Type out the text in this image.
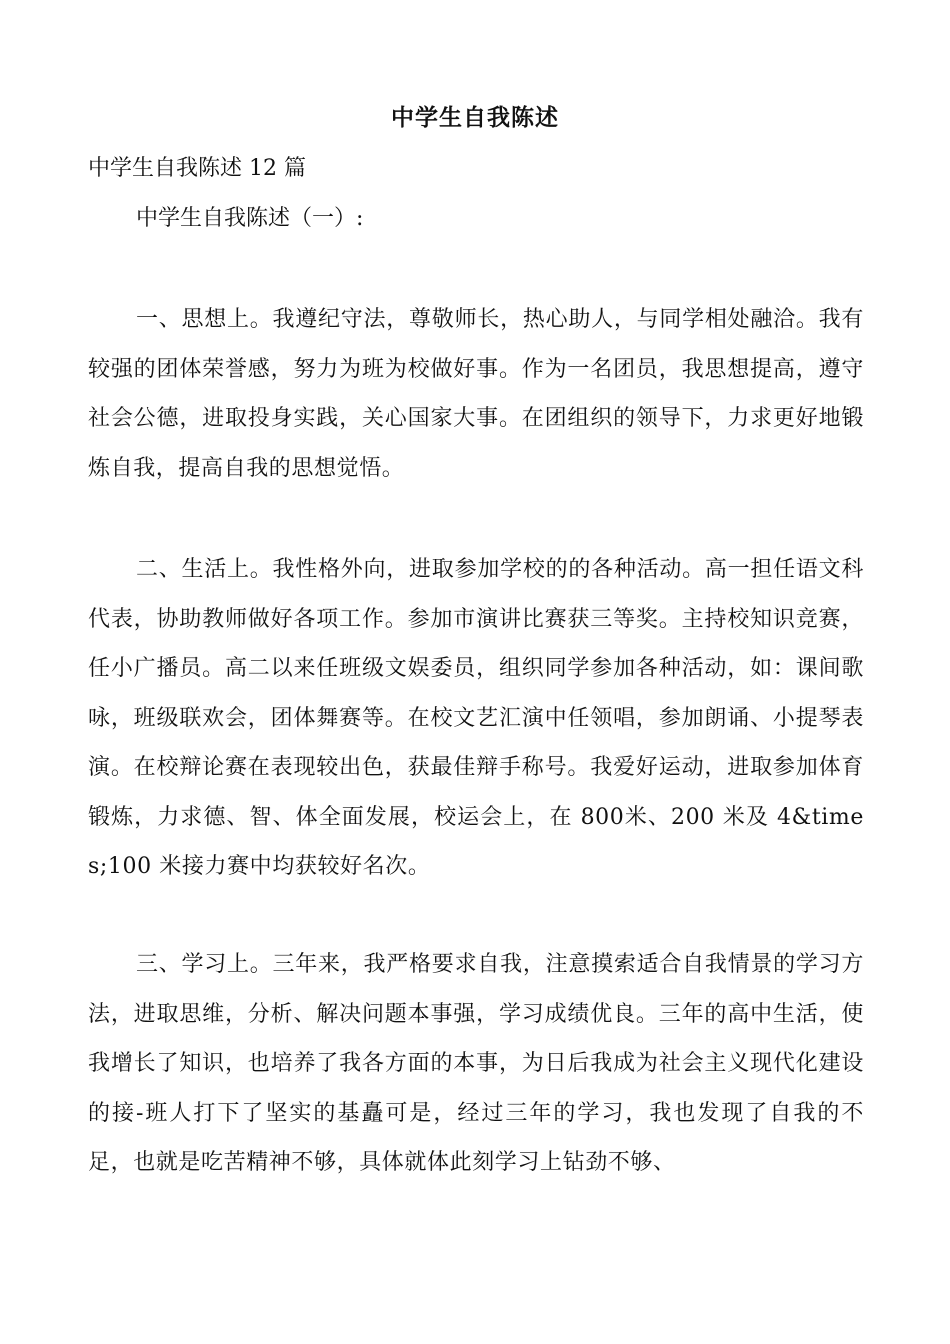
中学生自我陈述

中学生自我陈述 12 篇

中学生自我陈述（一）:

一、思想上。我遵纪守法，尊敬师长，热心助人，与同学相处融洽。我有较强的团体荣誉感，努力为班为校做好事。作为一名团员，我思想提高，遵守社会公德，进取投身实践，关心国家大事。在团组织的领导下，力求更好地锻炼自我，提高自我的思想觉悟。

二、生活上。我性格外向，进取参加学校的的各种活动。高一担任语文科代表，协助教师做好各项工作。参加市演讲比赛获三等奖。主持校知识竞赛，任小广播员。高二以来任班级文娱委员，组织同学参加各种活动，如：课间歌咏，班级联欢会，团体舞赛等。在校文艺汇演中任领唱，参加朗诵、小提琴表演。在校辩论赛在表现较出色，获最佳辩手称号。我爱好运动，进取参加体育锻炼，力求德、智、体全面发展，校运会上，在 800米、200 米及 4&times;100 米接力赛中均获较好名次。

三、学习上。三年来，我严格要求自我，注意摸索适合自我情景的学习方法，进取思维，分析、解决问题本事强，学习成绩优良。三年的高中生活，使我增长了知识，也培养了我各方面的本事，为日后我成为社会主义现代化建设的接-班人打下了坚实的基矗可是，经过三年的学习，我也发现了自我的不足，也就是吃苦精神不够，具体就体此刻学习上钻劲不够、
